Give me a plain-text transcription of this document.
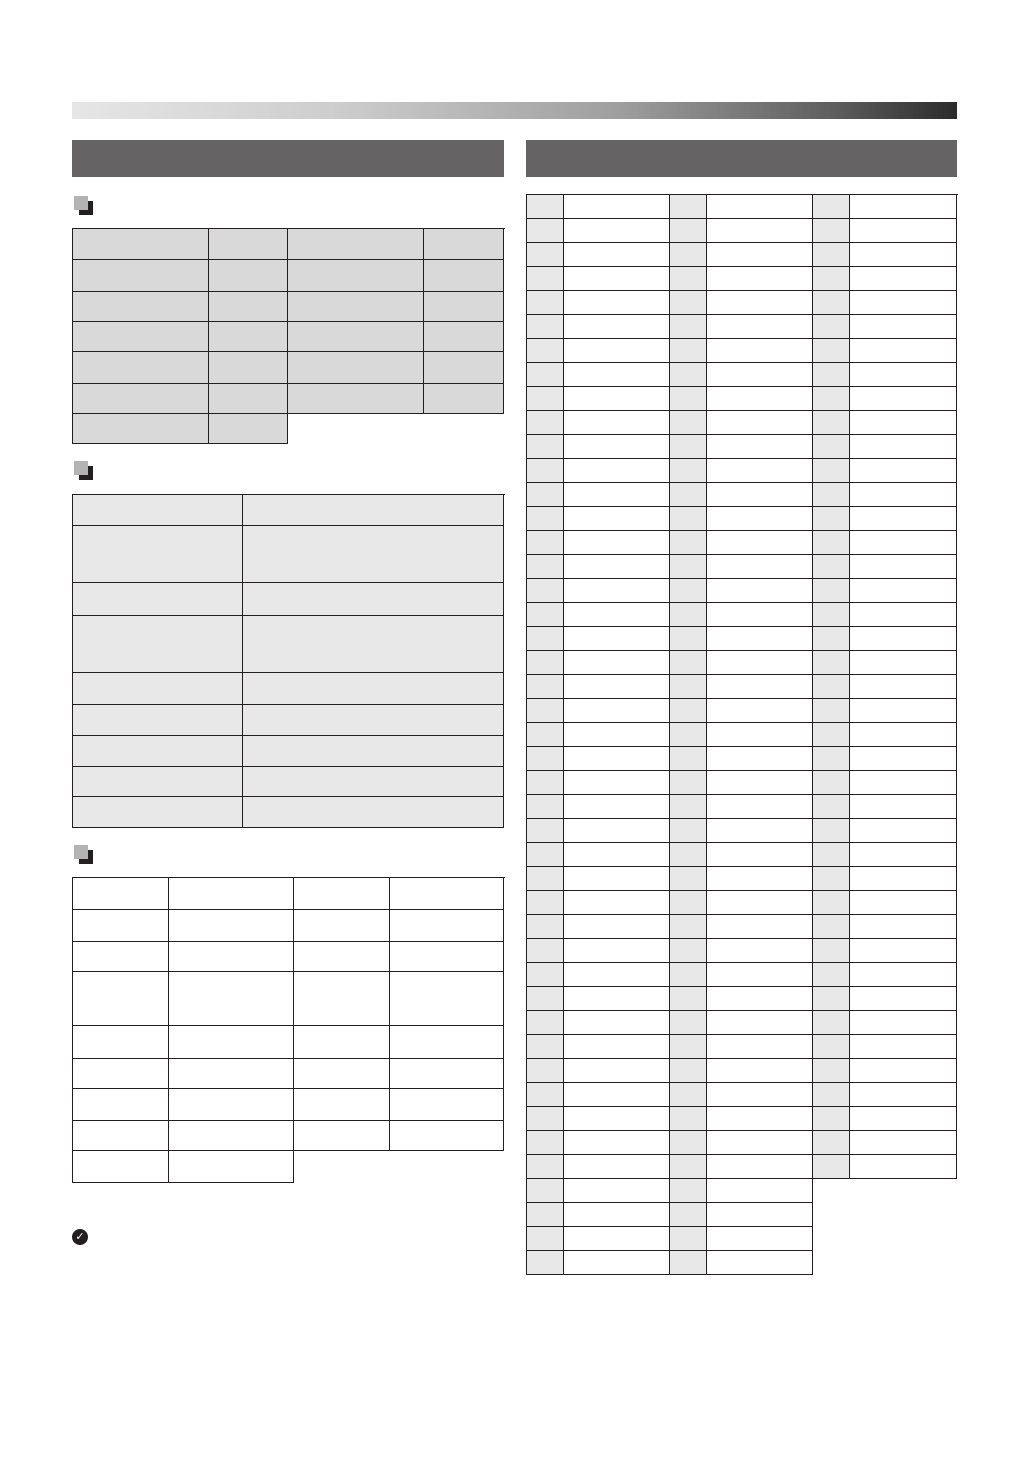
✓
